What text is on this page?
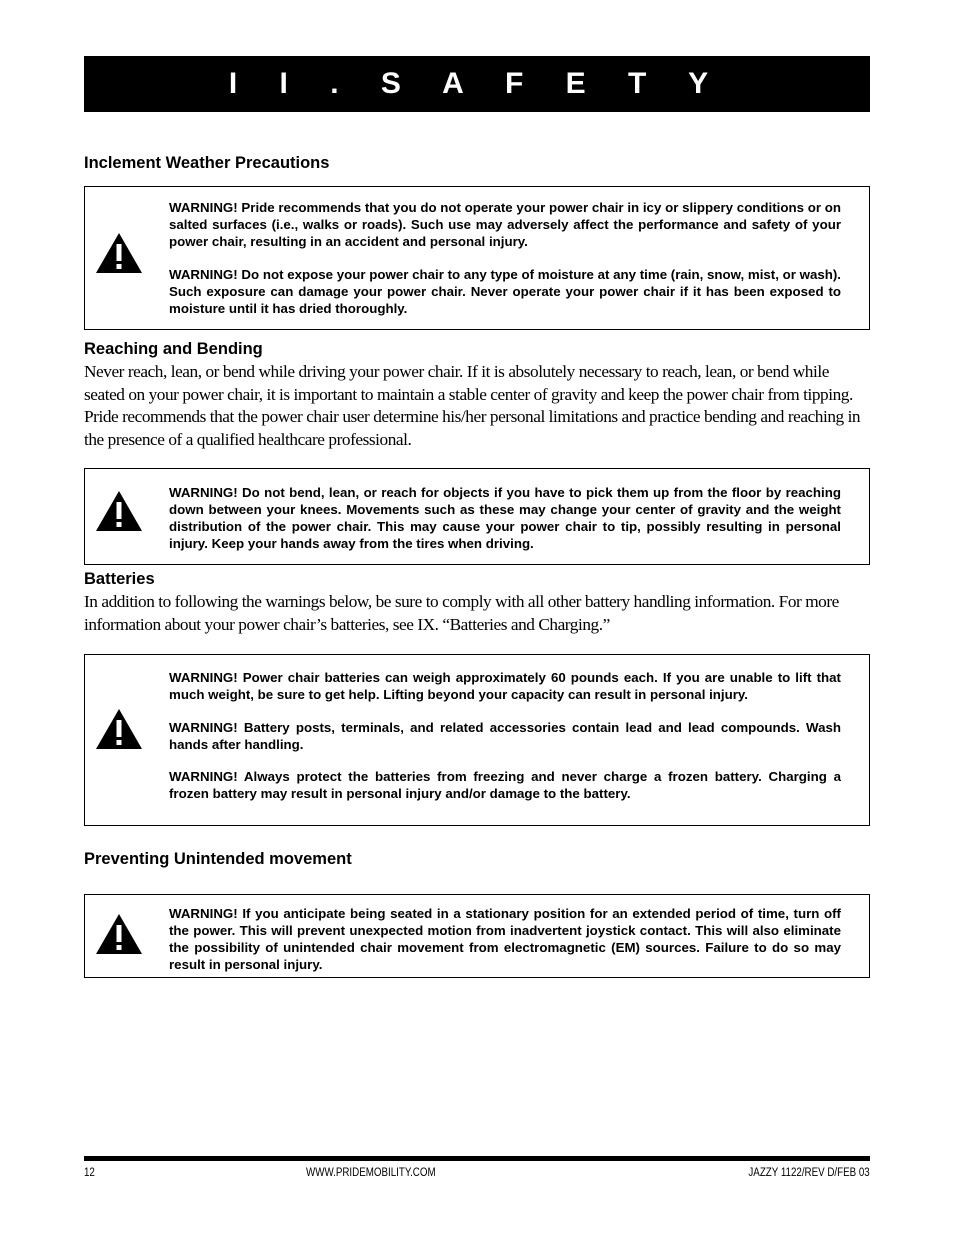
I I . S A F E T Y
Inclement Weather Precautions

WARNING! Pride recommends that you do not operate your power chair in icy or slippery conditions or on salted surfaces (i.e., walks or roads). Such use may adversely affect the performance and safety of your power chair, resulting in an accident and personal injury.

WARNING! Do not expose your power chair to any type of moisture at any time (rain, snow, mist, or wash). Such exposure can damage your power chair. Never operate your power chair if it has been exposed to moisture until it has dried thoroughly.

Reaching and Bending

Never reach, lean, or bend while driving your power chair. If it is absolutely necessary to reach, lean, or bend while seated on your power chair, it is important to maintain a stable center of gravity and keep the power chair from tipping. Pride recommends that the power chair user determine his/her personal limitations and practice bending and reaching in the presence of a qualified healthcare professional.

WARNING! Do not bend, lean, or reach for objects if you have to pick them up from the floor by reaching down between your knees. Movements such as these may change your center of gravity and the weight distribution of the power chair. This may cause your power chair to tip, possibly resulting in personal injury. Keep your hands away from the tires when driving.

Batteries

In addition to following the warnings below, be sure to comply with all other battery handling information. For more information about your power chair’s batteries, see IX. “Batteries and Charging.”

WARNING! Power chair batteries can weigh approximately 60 pounds each. If you are unable to lift that much weight, be sure to get help. Lifting beyond your capacity can result in personal injury.

WARNING! Battery posts, terminals, and related accessories contain lead and lead compounds. Wash hands after handling.

WARNING! Always protect the batteries from freezing and never charge a frozen battery. Charging a frozen battery may result in personal injury and/or damage to the battery.

Preventing Unintended movement

WARNING! If you anticipate being seated in a stationary position for an extended period of time, turn off the power. This will prevent unexpected motion from inadvertent joystick contact. This will also eliminate the possibility of unintended chair movement from electromagnetic (EM) sources. Failure to do so may result in personal injury.

12	WWW.PRIDEMOBILITY.COM	JAZZY 1122/REV D/FEB 03
